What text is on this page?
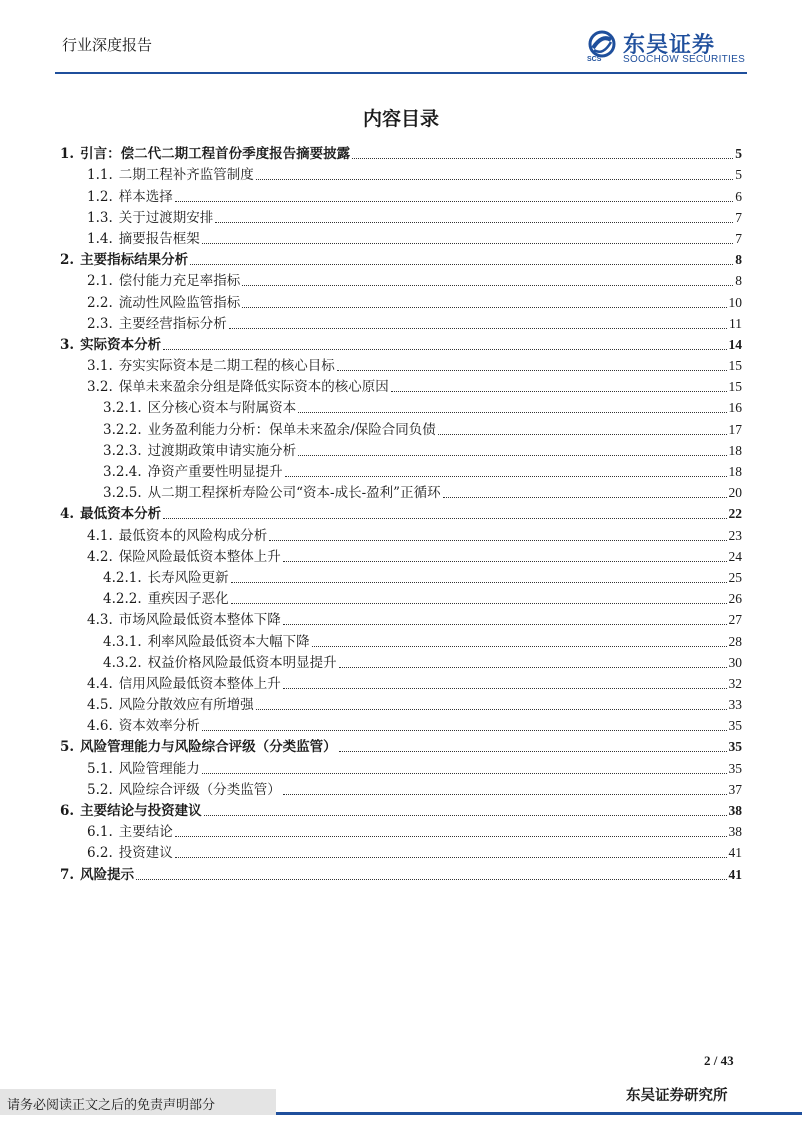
行业深度报告
SCS
东吴证券
SOOCHOW SECURITIES
内容目录
1. 引言：偿二代二期工程首份季度报告摘要披露	5
1.1. 二期工程补齐监管制度	5
1.2. 样本选择	6
1.3. 关于过渡期安排	7
1.4. 摘要报告框架	7
2. 主要指标结果分析	8
2.1. 偿付能力充足率指标	8
2.2. 流动性风险监管指标	10
2.3. 主要经营指标分析	11
3. 实际资本分析	14
3.1. 夯实实际资本是二期工程的核心目标	15
3.2. 保单未来盈余分组是降低实际资本的核心原因	15
3.2.1. 区分核心资本与附属资本	16
3.2.2. 业务盈利能力分析：保单未来盈余/保险合同负债	17
3.2.3. 过渡期政策申请实施分析	18
3.2.4. 净资产重要性明显提升	18
3.2.5. 从二期工程探析寿险公司“资本-成长-盈利”正循环	20
4. 最低资本分析	22
4.1. 最低资本的风险构成分析	23
4.2. 保险风险最低资本整体上升	24
4.2.1. 长寿风险更新	25
4.2.2. 重疾因子恶化	26
4.3. 市场风险最低资本整体下降	27
4.3.1. 利率风险最低资本大幅下降	28
4.3.2. 权益价格风险最低资本明显提升	30
4.4. 信用风险最低资本整体上升	32
4.5. 风险分散效应有所增强	33
4.6. 资本效率分析	35
5. 风险管理能力与风险综合评级（分类监管）	35
5.1. 风险管理能力	35
5.2. 风险综合评级（分类监管）	37
6. 主要结论与投资建议	38
6.1. 主要结论	38
6.2. 投资建议	41
7. 风险提示	41
2 / 43
请务必阅读正文之后的免责声明部分
东吴证券研究所
